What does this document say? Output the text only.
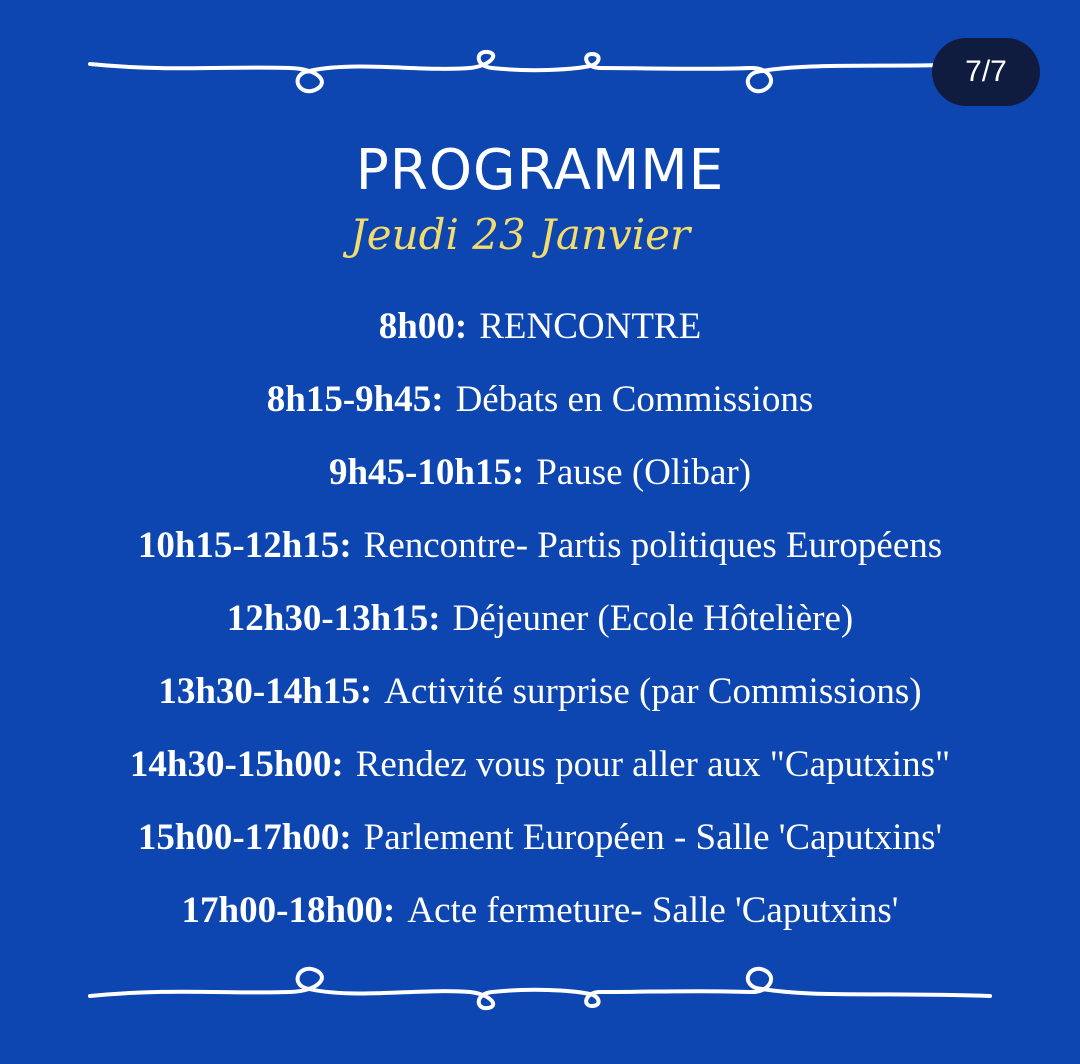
7/7
PROGRAMME
Jeudi 23 Janvier
8h00: RENCONTRE
8h15-9h45: Débats en Commissions
9h45-10h15: Pause (Olibar)
10h15-12h15: Rencontre- Partis politiques Européens
12h30-13h15: Déjeuner (Ecole Hôtelière)
13h30-14h15: Activité surprise (par Commissions)
14h30-15h00: Rendez vous pour aller aux "Caputxins"
15h00-17h00: Parlement Européen - Salle 'Caputxins'
17h00-18h00: Acte fermeture- Salle 'Caputxins'
